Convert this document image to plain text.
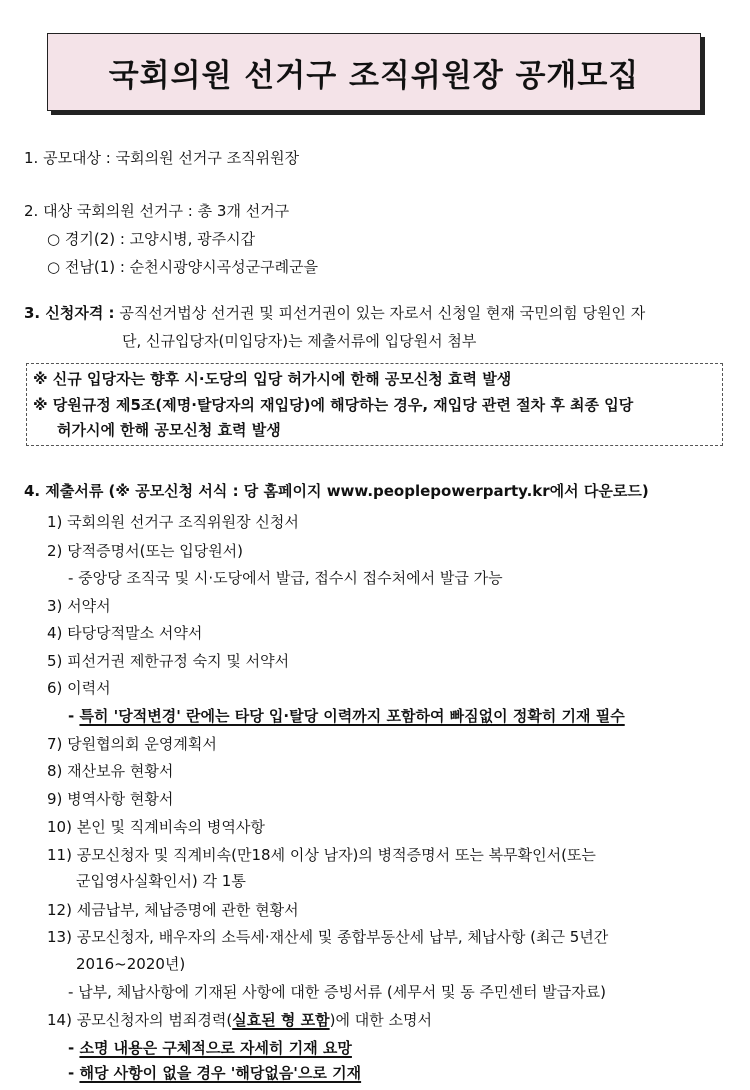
국회의원 선거구 조직위원장 공개모집
1. 공모대상 : 국회의원 선거구 조직위원장
2. 대상 국회의원 선거구 : 총 3개 선거구
○ 경기(2) : 고양시병, 광주시갑
○ 전남(1) : 순천시광양시곡성군구례군을
3. 신청자격 : 공직선거법상 선거권 및 피선거권이 있는 자로서 신청일 현재 국민의힘 당원인 자
단, 신규입당자(미입당자)는 제출서류에 입당원서 첨부
※ 신규 입당자는 향후 시·도당의 입당 허가시에 한해 공모신청 효력 발생
※ 당원규정 제5조(제명·탈당자의 재입당)에 해당하는 경우, 재입당 관련 절차 후 최종 입당
허가시에 한해 공모신청 효력 발생
4. 제출서류 (※ 공모신청 서식 : 당 홈페이지 www.peoplepowerparty.kr에서 다운로드)
1) 국회의원 선거구 조직위원장 신청서
2) 당적증명서(또는 입당원서)
- 중앙당 조직국 및 시·도당에서 발급, 접수시 접수처에서 발급 가능
3) 서약서
4) 타당당적말소 서약서
5) 피선거권 제한규정 숙지 및 서약서
6) 이력서
- 특히 '당적변경' 란에는 타당 입·탈당 이력까지 포함하여 빠짐없이 정확히 기재 필수
7) 당원협의회 운영계획서
8) 재산보유 현황서
9) 병역사항 현황서
10) 본인 및 직계비속의 병역사항
11) 공모신청자 및 직계비속(만18세 이상 남자)의 병적증명서 또는 복무확인서(또는
군입영사실확인서) 각 1통
12) 세금납부, 체납증명에 관한 현황서
13) 공모신청자, 배우자의 소득세·재산세 및 종합부동산세 납부, 체납사항 (최근 5년간
2016~2020년)
- 납부, 체납사항에 기재된 사항에 대한 증빙서류 (세무서 및 동 주민센터 발급자료)
14) 공모신청자의 범죄경력(실효된 형 포함)에 대한 소명서
- 소명 내용은 구체적으로 자세히 기재 요망
- 해당 사항이 없을 경우 '해당없음'으로 기재
